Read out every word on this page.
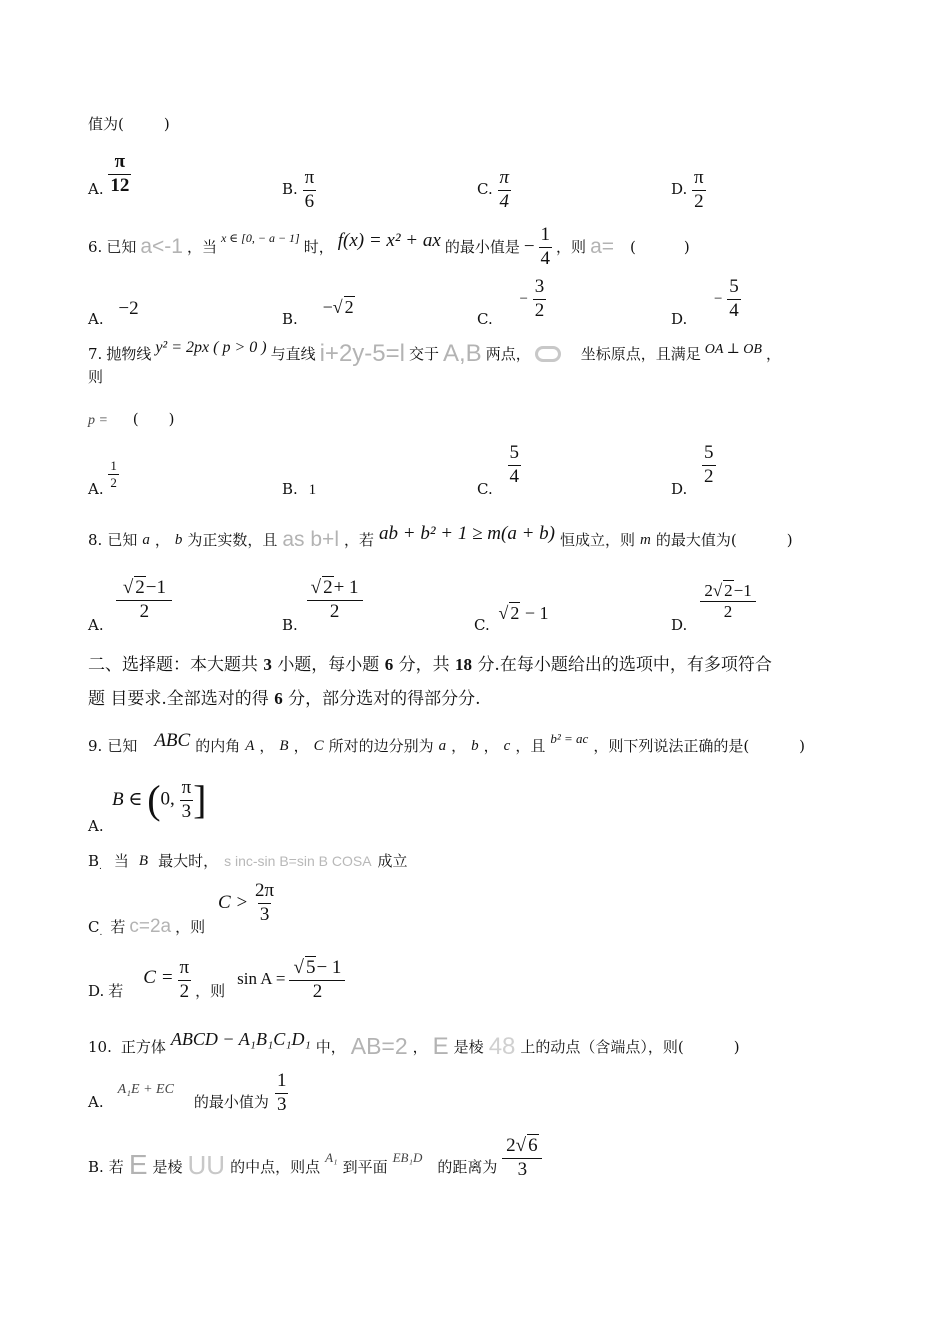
值为(	)
A. $\frac{\pi}{12}$	B. $\frac{\pi}{6}$	C. $\frac{\pi}{4}$	D. $\frac{\pi}{2}$
6. 已知 a<-1 ，当
x ∈ [0, − a − 1]
时， f(x) = x² + ax 的最小值是 − $\frac{1}{4}$ ，则 a= (	)
A. −2	B. −√ 2
C. − $\frac{3}{2}$	D. − $\frac{5}{4}$
7. 抛物线 y² = 2px ( p > 0 ) 与直线 i+2y-5=l 交于 A,B 两点，	坐标原点，且满足 OA ⊥ OB ，
则
p = ( )
A. $\frac{1}{2}$	B. 1	C.
$\frac{5}{4}$
D.
$\frac{5}{2}$
8. 已知 a ， b 为正实数，且 as b+l ，若 ab + b² + 1 ≥ m(a + b) 恒成立，则 m 的最大值为(	)
A.
$\frac{√ 2-1}{2}$
B.
$\frac{√ 2+ 1}{2}$
C. √ 2 − 1
D.
$\frac{2√ 2-1}{2}$
二、选择题：本大题共 3 小题，每小题 6 分，共 18 分.在每小题给出的选项中，有多项符合
题 目要求.全部选对的得 6 分，部分选对的得部分分.
9. 已知 ABC 的内角 A ， B ， C 所对的边分别为 a ， b ， c ，且 b² = ac ，则下列说法正确的是(	)
B ∈ (0, $\frac{\pi}{3}$ ]
A.
B . 当 B 最大时， s inc-sin B=sin B COSA 成立
$C > \frac{2\pi}{3}$
C . 若 c=2a ，则
D. 若
$C = \frac{\pi}{2}$ ，则
$\sin A = \frac{√ 5- 1}{2}$
10. 正方体 ABCD − A₁B₁C₁D₁ 中， AB=2 ， E 是棱 48 上的动点（含端点），则(	)
A.
A₁E + EC
的最小值为 $\frac{1}{3}$
B. 若 E 是棱 UU 的中点，则点
A₁
到平面
EB₁D
的距离为 $\frac{2√ 6}{3}$
